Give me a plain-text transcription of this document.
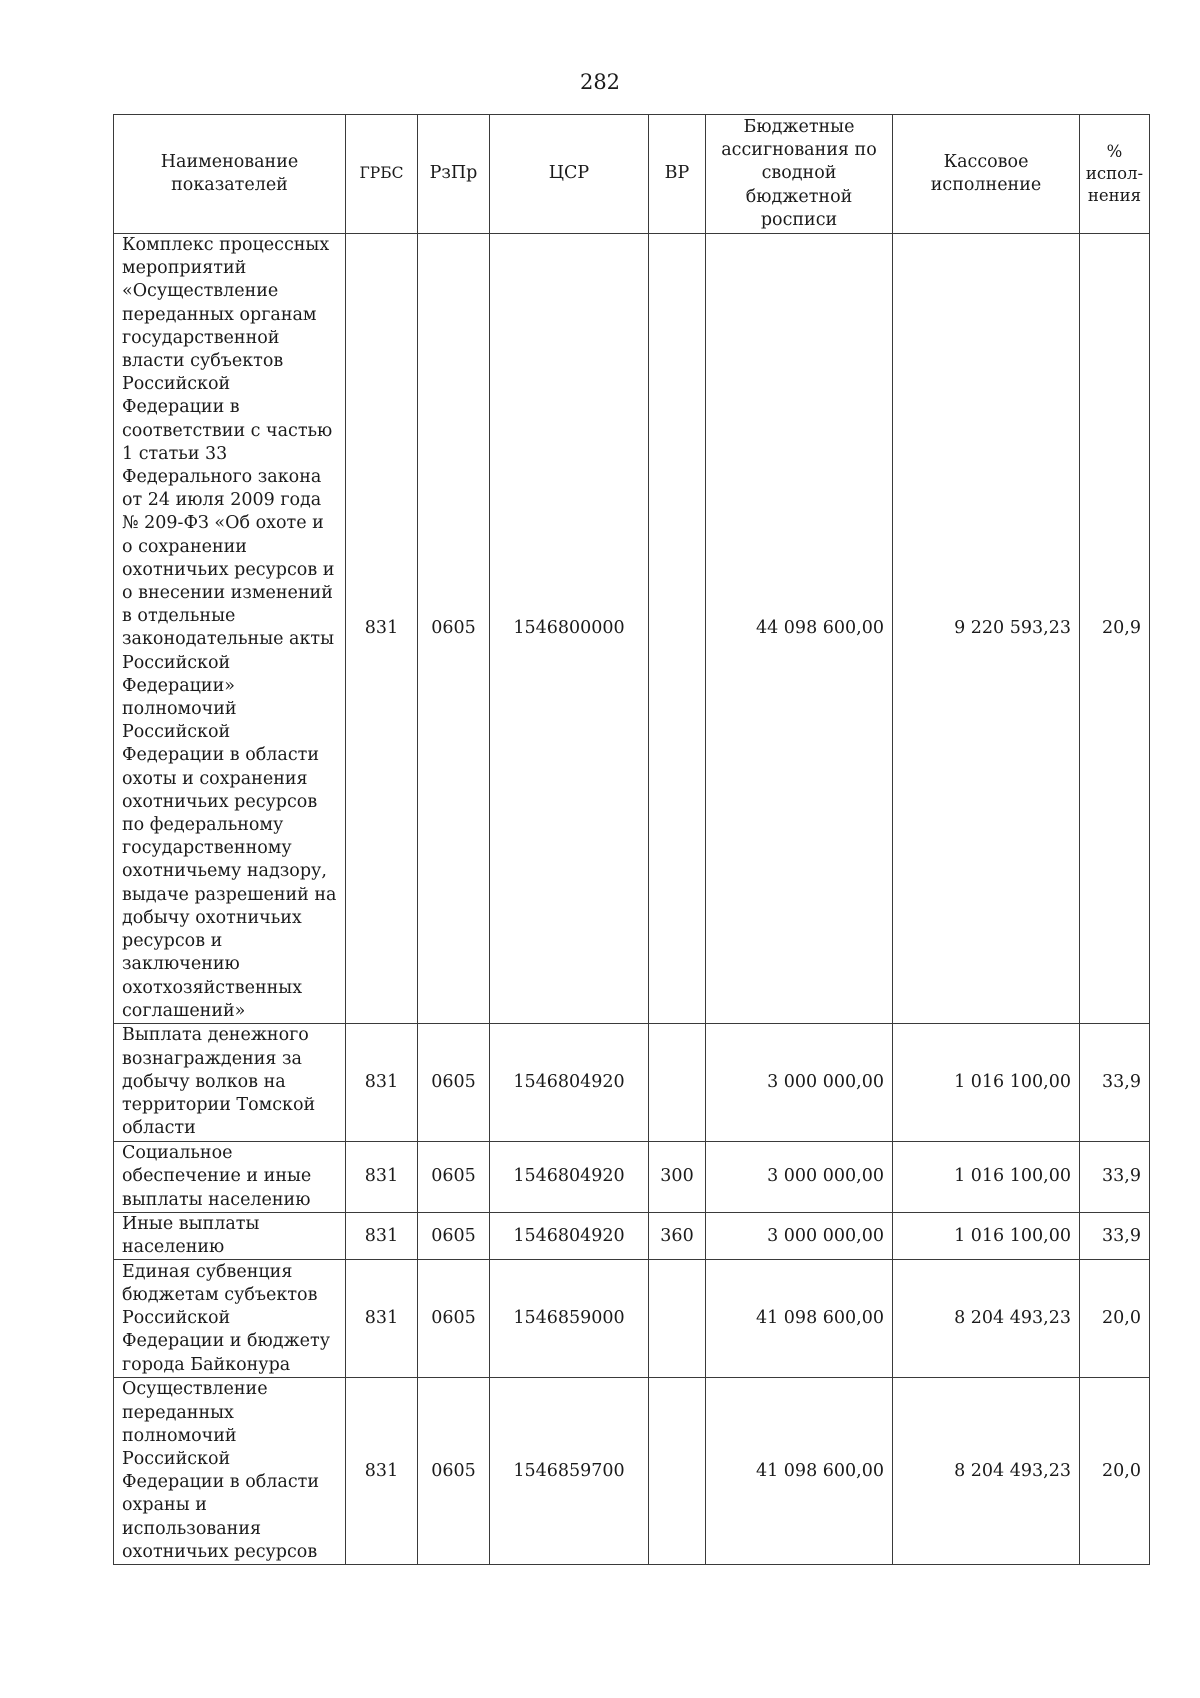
282
Наименование показателей	ГРБС	РзПр	ЦСР	ВР	Бюджетные ассигнования по сводной бюджетной росписи	Кассовое исполнение	% испол-нения
Комплекс процессных мероприятий «Осуществление переданных органам государственной власти субъектов Российской Федерации в соответствии с частью 1 статьи 33 Федерального закона от 24 июля 2009 года № 209-ФЗ «Об охоте и о сохранении охотничьих ресурсов и о внесении изменений в отдельные законодательные акты Российской Федерации» полномочий Российской Федерации в области охоты и сохранения охотничьих ресурсов по федеральному государственному охотничьему надзору, выдаче разрешений на добычу охотничьих ресурсов и заключению охотхозяйственных соглашений»	831	0605	1546800000		44 098 600,00	9 220 593,23	20,9
Выплата денежного вознаграждения за добычу волков на территории Томской области	831	0605	1546804920		3 000 000,00	1 016 100,00	33,9
Социальное обеспечение и иные выплаты населению	831	0605	1546804920	300	3 000 000,00	1 016 100,00	33,9
Иные выплаты населению	831	0605	1546804920	360	3 000 000,00	1 016 100,00	33,9
Единая субвенция бюджетам субъектов Российской Федерации и бюджету города Байконура	831	0605	1546859000		41 098 600,00	8 204 493,23	20,0
Осуществление переданных полномочий Российской Федерации в области охраны и использования охотничьих ресурсов	831	0605	1546859700		41 098 600,00	8 204 493,23	20,0
